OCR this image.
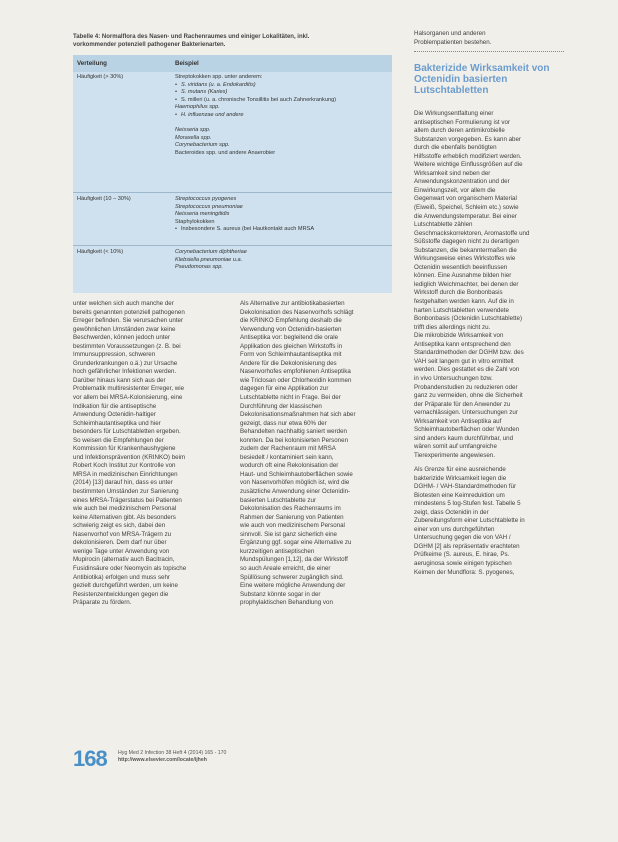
Tabelle 4: Normalflora des Nasen- und Rachenraumes und einiger Lokalitäten, inkl.
vorkommender potenziell pathogener Bakterienarten.
Verteilung	Beispiel
Häufigkeit (> 30%)	Streptokokken spp. unter anderem:
• S. viridans (u. a. Endokarditis)
• S. mutans (Karies)
• S. milleri (u. a. chronische Tonsillitis bei auch Zahnerkrankung)
Haemophilus spp.
• H. influenzae und andere

Neisseria spp.
Moraxella spp.
Corynebacterium spp.
Bacteroides spp. und andere Anaerobier
Häufigkeit (10 – 30%)	Streptococcus pyogenes
Streptococcus pneumoniae
Neisseria meningitidis
Staphylokokken
• Insbesondere S. aureus (bei Hautkontakt auch MRSA
Häufigkeit (< 10%)	Corynebacterium diphtheriae
Klebsiella pneumoniae u.a.
Pseudomonas spp.
unter welchen sich auch manche der
bereits genannten potenziell pathogenen
Erreger befinden. Sie verursachen unter
gewöhnlichen Umständen zwar keine
Beschwerden, können jedoch unter
bestimmten Voraussetzungen (z. B. bei
Immunsuppression, schweren
Grunderkrankungen o.ä.) zur Ursache
hoch gefährlicher Infektionen werden.
Darüber hinaus kann sich aus der
Problematik multiresistenter Erreger, wie
vor allem bei MRSA-Kolonisierung, eine
Indikation für die antiseptische
Anwendung Octenidin-haltiger
Schleimhautantiseptika und hier
besonders für Lutschtabletten ergeben.
So weisen die Empfehlungen der
Kommission für Krankenhaushygiene
und Infektionsprävention (KRINKO) beim
Robert Koch Institut zur Kontrolle von
MRSA in medizinischen Einrichtungen
(2014) [13] darauf hin, dass es unter
bestimmten Umständen zur Sanierung
eines MRSA-Trägerstatus bei Patienten
wie auch bei medizinischem Personal
keine Alternativen gibt. Als besonders
schwierig zeigt es sich, dabei den
Nasenvorhof von MRSA-Trägern zu
dekolonisieren. Dem darf nur über
wenige Tage unter Anwendung von
Mupirocin (alternativ auch Bacitracin,
Fusidinsäure oder Neomycin als topische
Antibiotika) erfolgen und muss sehr
gezielt durchgeführt werden, um keine
Resistenzentwicklungen gegen die
Präparate zu fördern.
Als Alternative zur antibiotikabasierten
Dekolonisation des Nasenvorhofs schlägt
die KRINKO Empfehlung deshalb die
Verwendung von Octenidin-basierten
Antiseptika vor: begleitend die orale
Applikation des gleichen Wirkstoffs in
Form von Schleimhautantiseptika mit
Andere für die Dekolonisierung des
Nasenvorhofes empfohlenen Antiseptika
wie Triclosan oder Chlorhexidin kommen
dagegen für eine Applikation zur
Lutschtablette nicht in Frage. Bei der
Durchführung der klassischen
Dekolonisationsmaßnahmen hat sich aber
gezeigt, dass nur etwa 60% der
Behandelten nachhaltig saniert werden
konnten. Da bei kolonisierten Personen
zudem der Rachenraum mit MRSA
besiedelt / kontaminiert sein kann,
wodurch oft eine Rekolonisation der
Haut- und Schleimhautoberflächen sowie
von Nasenvorhöfen möglich ist, wird die
zusätzliche Anwendung einer Octenidin-
basierten Lutschtablette zur
Dekolonisation des Rachenraums im
Rahmen der Sanierung von Patienten
wie auch von medizinischem Personal
sinnvoll. Sie ist ganz sicherlich eine
Ergänzung ggf. sogar eine Alternative zu
kurzzeitigen antiseptischen
Mundspülungen [1,12], da der Wirkstoff
so auch Areale erreicht, die einer
Spüllösung schwerer zugänglich sind.
Eine weitere mögliche Anwendung der
Substanz könnte sogar in der
prophylaktischen Behandlung von
Halsorganen und anderen
Problempatienten bestehen.
Bakterizide Wirksamkeit von
Octenidin basierten
Lutschtabletten
Die Wirkungsentfaltung einer
antiseptischen Formulierung ist vor
allem durch deren antimikrobielle
Substanzen vorgegeben. Es kann aber
durch die ebenfalls benötigten
Hilfsstoffe erheblich modifiziert werden.
Weitere wichtige Einflussgrößen auf die
Wirksamkeit sind neben der
Anwendungskonzentration und der
Einwirkungszeit, vor allem die
Gegenwart von organischem Material
(Eiweiß, Speichel, Schleim etc.) sowie
die Anwendungstemperatur. Bei einer
Lutschtablette zählen
Geschmackskorrektoren, Aromastoffe und
Süßstoffe dagegen nicht zu derartigen
Substanzen, die bekanntermaßen die
Wirkungsweise eines Wirkstoffes wie
Octenidin wesentlich beeinflussen
können. Eine Ausnahme bilden hier
lediglich Weichmachter, bei denen der
Wirkstoff durch die Bonbonbasis
festgehalten werden kann. Auf die in
harten Lutschtabletten verwendete
Bonbonbasis (Octenidin Lutschtablette)
trifft dies allerdings nicht zu.
Die mikrobizide Wirksamkeit von
Antiseptika kann entsprechend den
Standardmethoden der DGHM bzw. des
VAH seit langem gut in vitro ermittelt
werden. Dies gestattet es die Zahl von
in vivo Untersuchungen bzw.
Probandenstudien zu reduzieren oder
ganz zu vermeiden, ohne die Sicherheit
der Präparate für den Anwender zu
vernachlässigen. Untersuchungen zur
Wirksamkeit von Antiseptika auf
Schleimhautoberflächen oder Wunden
sind anders kaum durchführbar, und
wären somit auf umfangreiche
Tierexperimente angewiesen.
Als Grenze für eine ausreichende
bakterizide Wirksamkeit legen die
DGHM- / VAH-Standardmethoden für
Biotesten eine Keimreduktion um
mindestens 5 log-Stufen fest. Tabelle 5
zeigt, dass Octenidin in der
Zubereitungsform einer Lutschtablette in
einer von uns durchgeführten
Untersuchung gegen die von VAH /
DGHM [2] als repräsentativ erachteten
Prüfkeime (S. aureus, E. hirae, Ps.
aeruginosa sowie einigen typischen
Keimen der Mundflora: S. pyogenes,
168 Hyg Med 2 Infection 38 Heft 4 (2014) 165 - 170
http://www.elsevier.com/locate/ijheh
